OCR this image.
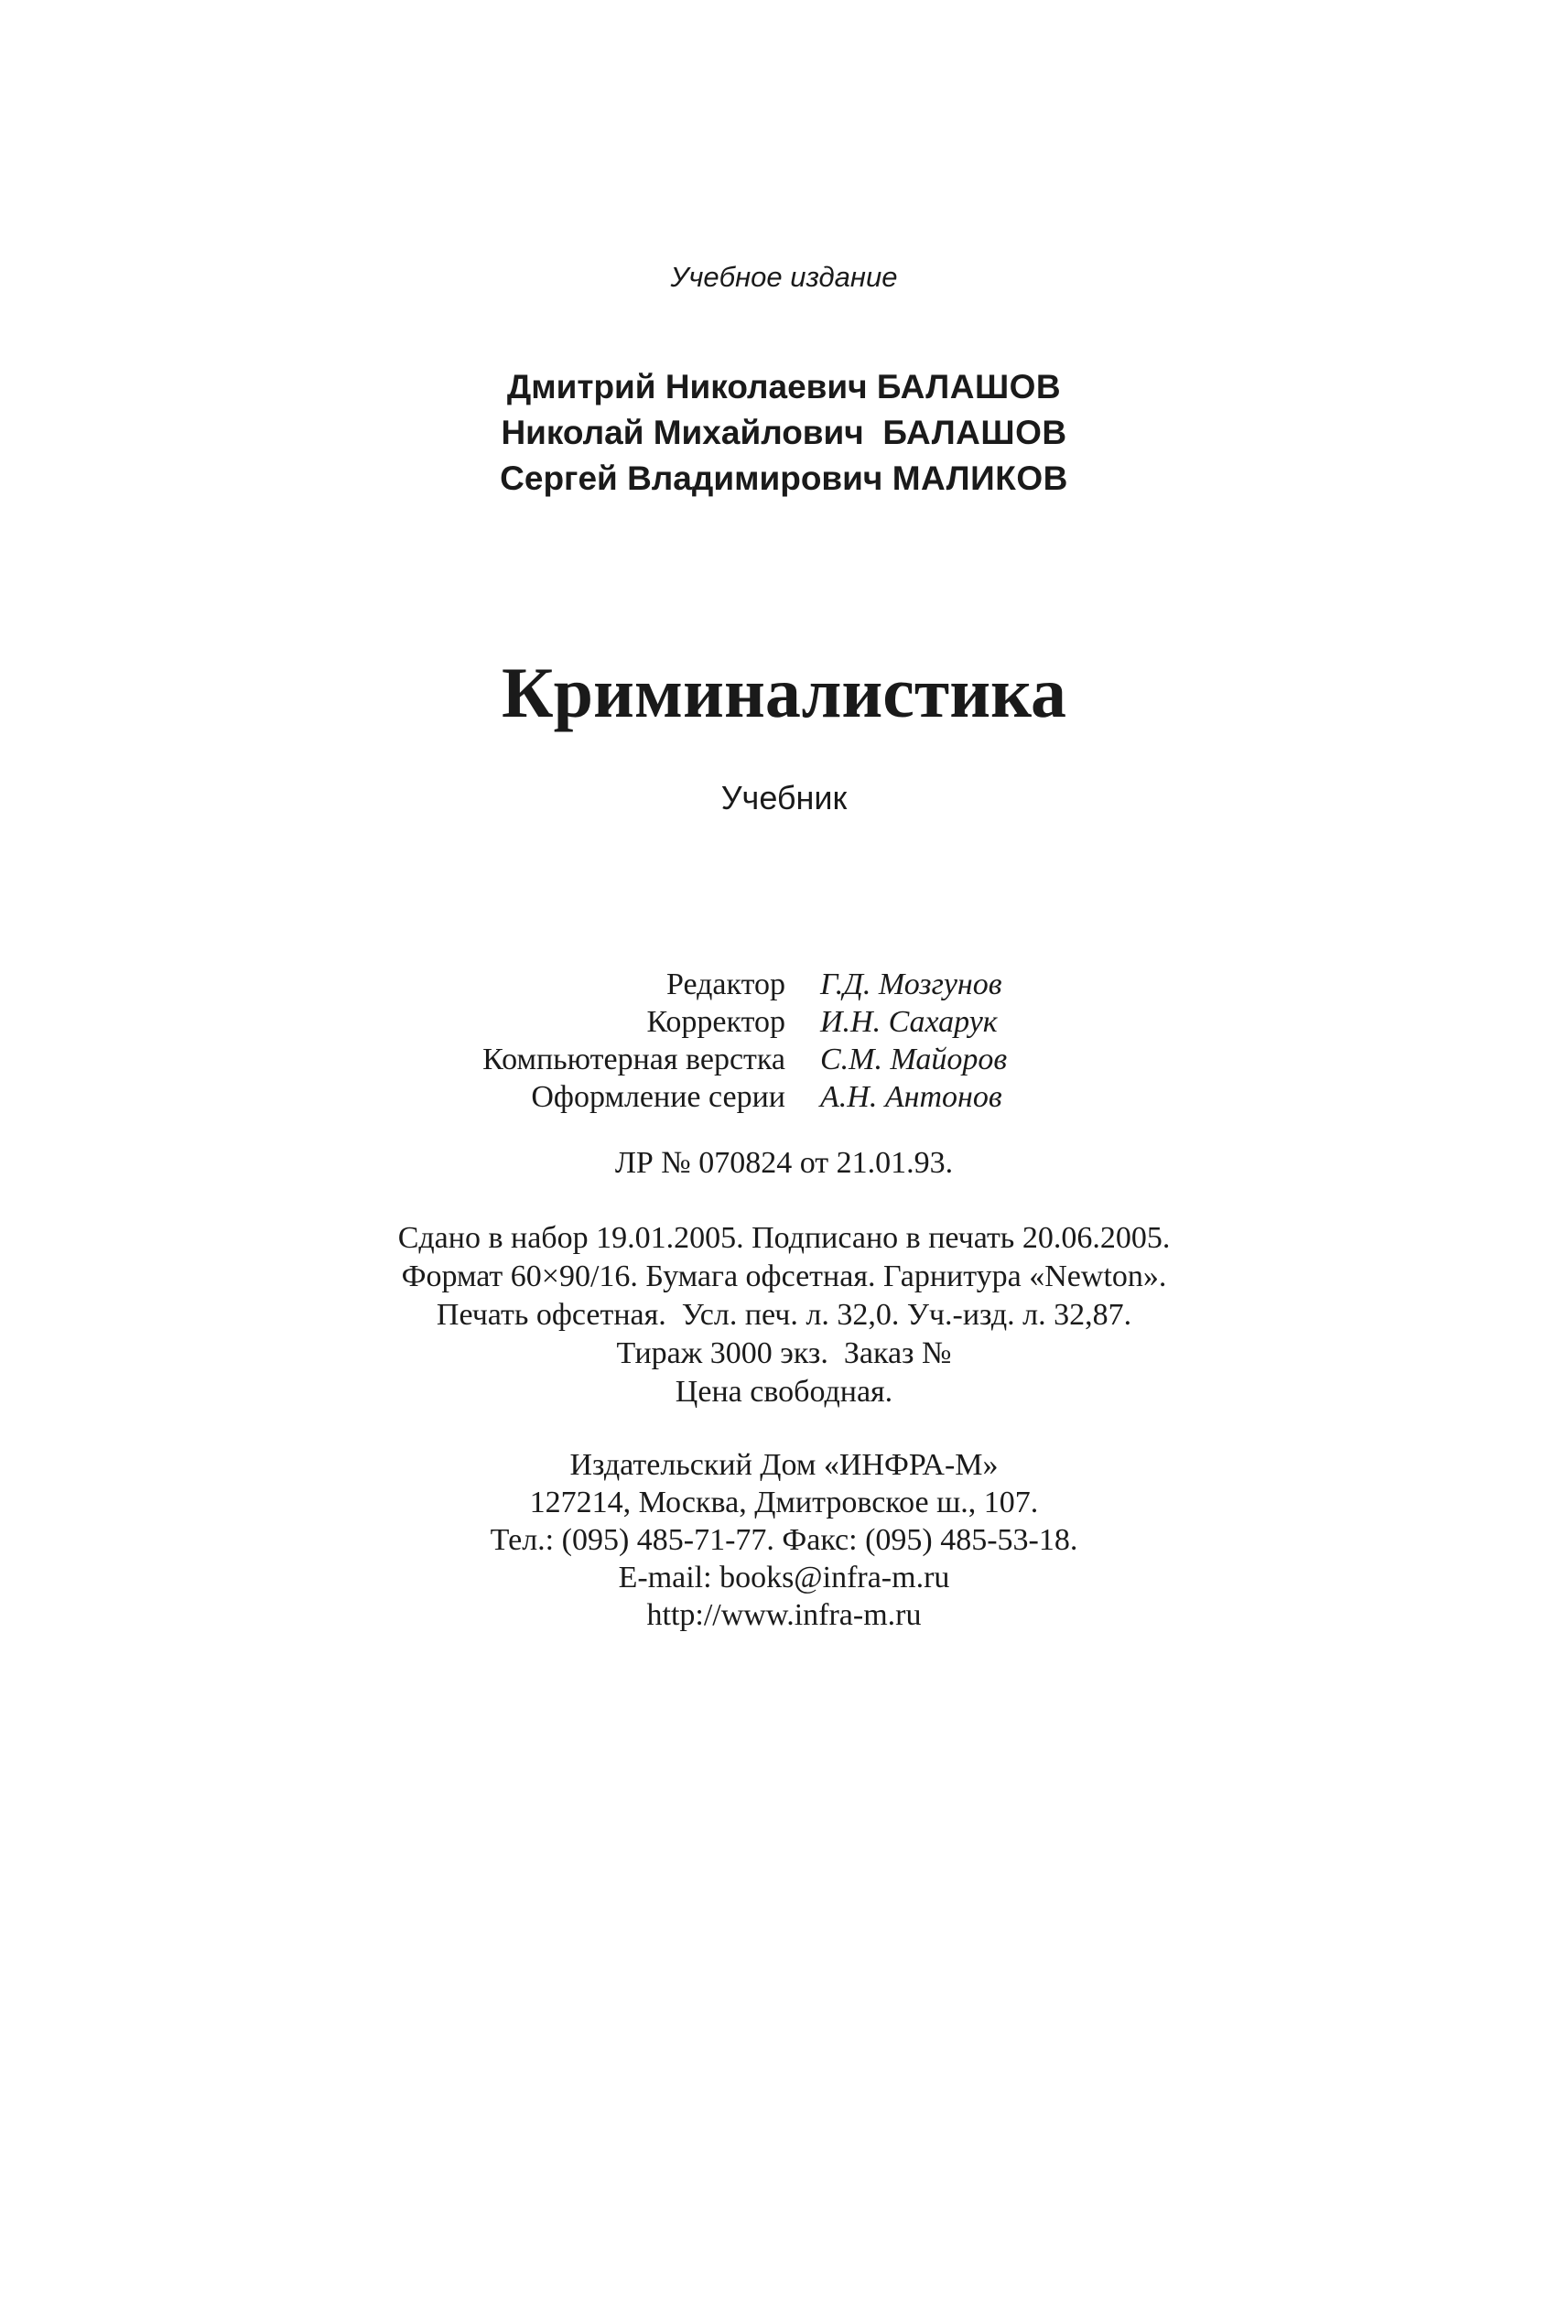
Учебное издание
Дмитрий Николаевич БАЛАШОВ
Николай Михайлович  БАЛАШОВ
Сергей Владимирович МАЛИКОВ
Криминалистика
Учебник
Редактор Г.Д. Мозгунов
Корректор И.Н. Сахарук
Компьютерная верстка С.М. Майоров
Оформление серии А.Н. Антонов
ЛР № 070824 от 21.01.93.
Сдано в набор 19.01.2005. Подписано в печать 20.06.2005.
Формат 60×90/16. Бумага офсетная. Гарнитура «Newton».
Печать офсетная.  Усл. печ. л. 32,0. Уч.-изд. л. 32,87.
Тираж 3000 экз.  Заказ №
Цена свободная.
Издательский Дом «ИНФРА-М»
127214, Москва, Дмитровское ш., 107.
Тел.: (095) 485-71-77. Факс: (095) 485-53-18.
E-mail: books@infra-m.ru
http://www.infra-m.ru
